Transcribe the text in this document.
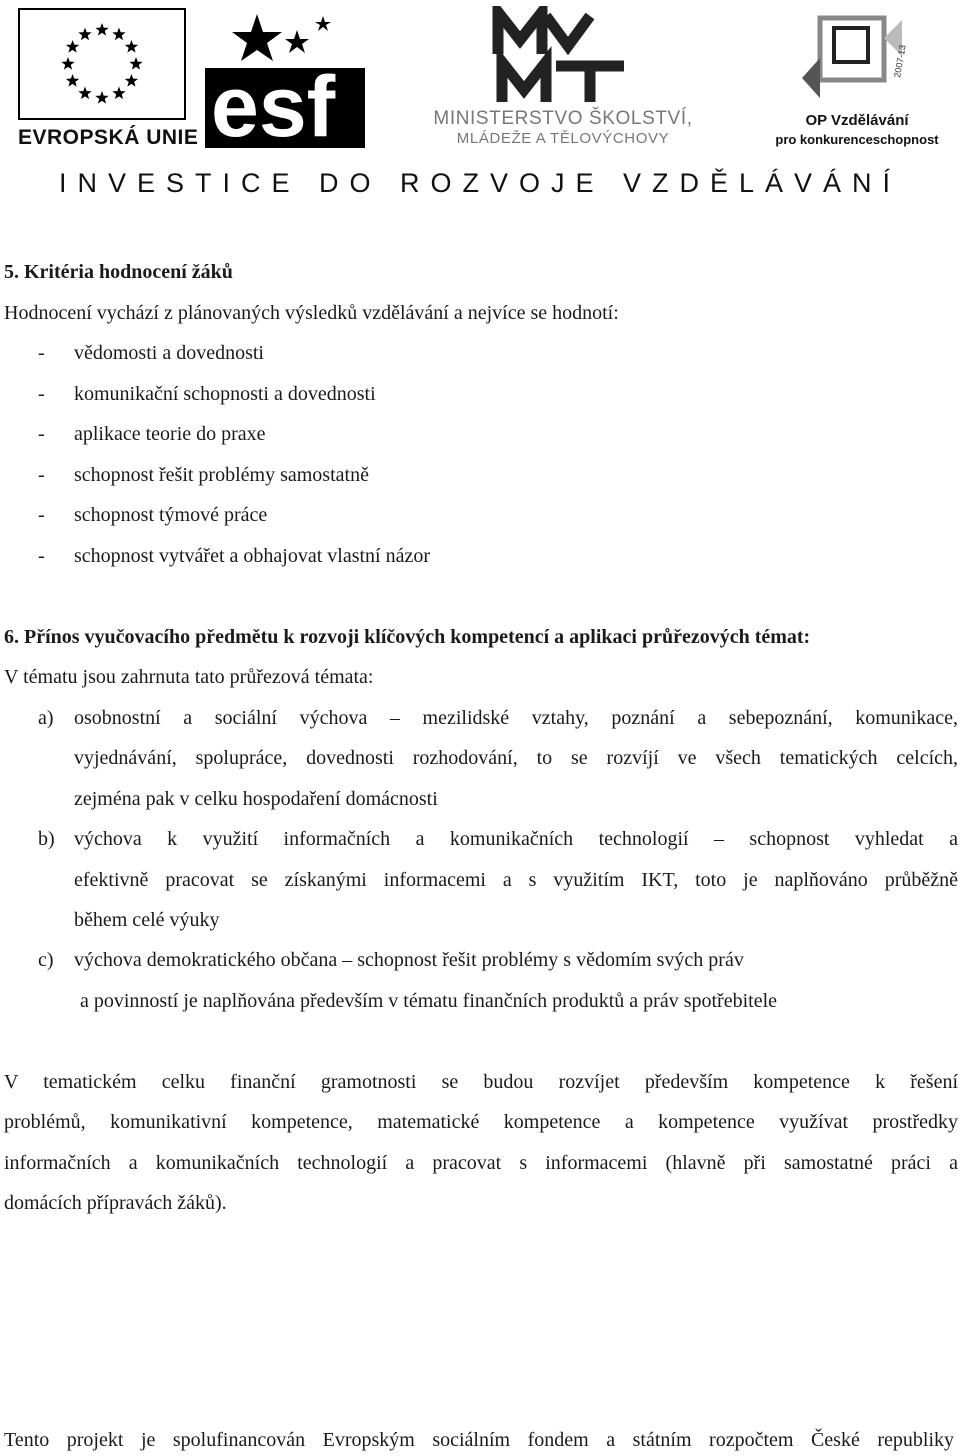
EVROPSKÁ UNIE esf	MINISTERSTVO ŠKOLSTVÍ,
MLÁDEŽE A TĚLOVÝCHOVY
2007-13
OP Vzdělávání
pro konkurenceschopnost
INVESTICE DO ROZVOJE VZDĚLÁVÁNÍ
5. Kritéria hodnocení žáků
Hodnocení vychází z plánovaných výsledků vzdělávání a nejvíce se hodnotí:
- vědomosti a dovednosti
- komunikační schopnosti a dovednosti
- aplikace teorie do praxe
- schopnost řešit problémy samostatně
- schopnost týmové práce
- schopnost vytvářet a obhajovat vlastní názor
6. Přínos vyučovacího předmětu k rozvoji klíčových kompetencí a aplikaci průřezových témat:
V tématu jsou zahrnuta tato průřezová témata:
a) osobnostní a sociální výchova – mezilidské vztahy, poznání a sebepoznání, komunikace,
vyjednávání, spolupráce, dovednosti rozhodování, to se rozvíjí ve všech tematických celcích,
zejména pak v celku hospodaření domácnosti
b) výchova k využití informačních a komunikačních technologií – schopnost vyhledat a
efektivně pracovat se získanými informacemi a s využitím IKT, toto je naplňováno průběžně
během celé výuky
c) výchova demokratického občana – schopnost řešit problémy s vědomím svých práv
a povinností je naplňována především v tématu finančních produktů a práv spotřebitele
V tematickém celku finanční gramotnosti se budou rozvíjet především kompetence k řešení
problémů, komunikativní kompetence, matematické kompetence a kompetence využívat prostředky
informačních a komunikačních technologií a pracovat s informacemi (hlavně při samostatné práci a
domácích přípravách žáků).
Tento projekt je spolufinancován Evropským sociálním fondem a státním rozpočtem České republiky
